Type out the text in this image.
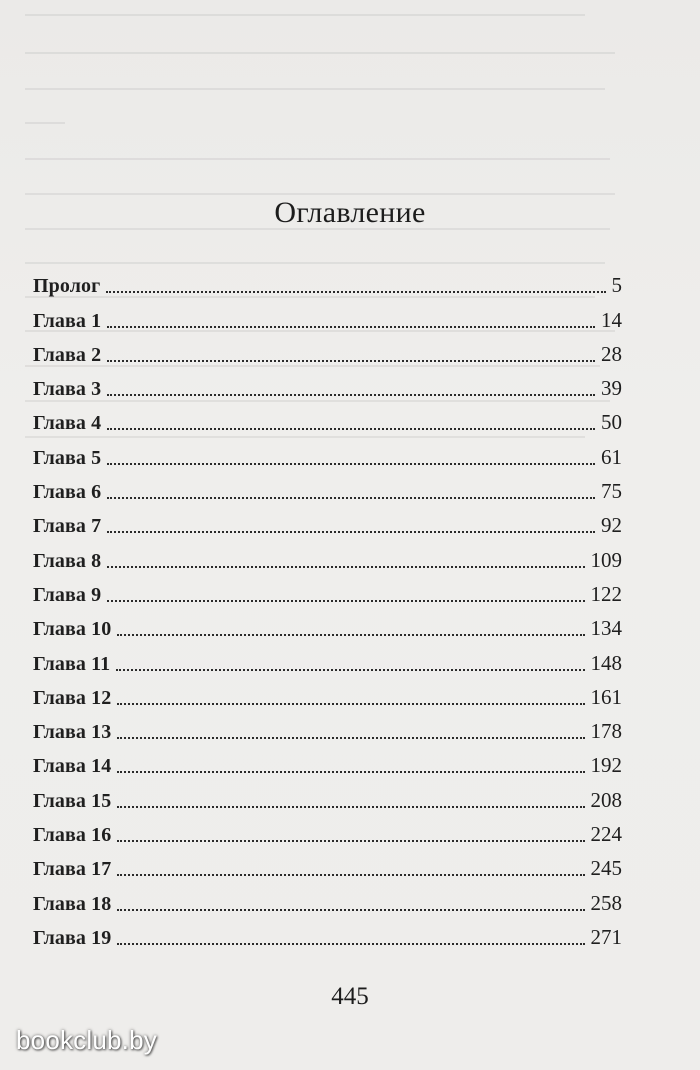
Оглавление
Пролог	5
Глава 1	14
Глава 2	28
Глава 3	39
Глава 4	50
Глава 5	61
Глава 6	75
Глава 7	92
Глава 8	109
Глава 9	122
Глава 10	134
Глава 11	148
Глава 12	161
Глава 13	178
Глава 14	192
Глава 15	208
Глава 16	224
Глава 17	245
Глава 18	258
Глава 19	271
445
bookclub.by
